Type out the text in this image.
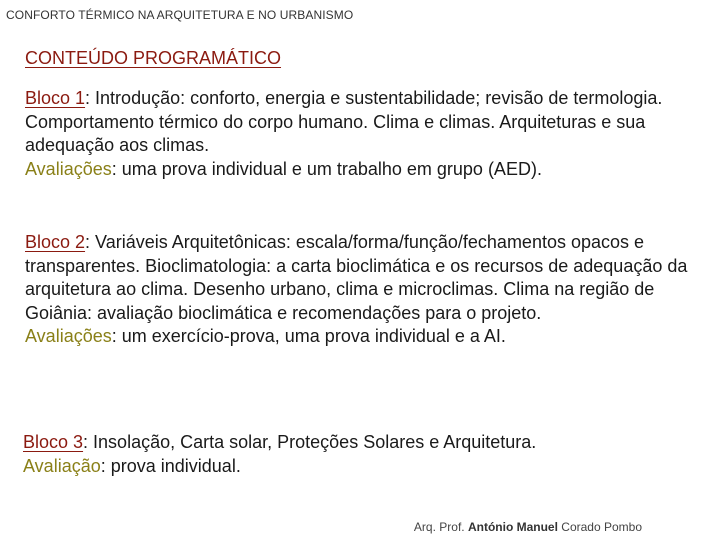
CONFORTO TÉRMICO NA ARQUITETURA E NO URBANISMO
CONTEÚDO PROGRAMÁTICO
Bloco 1: Introdução: conforto, energia e sustentabilidade; revisão de termologia. Comportamento térmico do corpo humano. Clima e climas. Arquiteturas e sua adequação aos climas.
Avaliações: uma prova individual e um trabalho em grupo (AED).
Bloco 2: Variáveis Arquitetônicas: escala/forma/função/fechamentos opacos e transparentes. Bioclimatologia: a carta bioclimática e os recursos de adequação da arquitetura ao clima. Desenho urbano, clima e microclimas. Clima na região de Goiânia: avaliação bioclimática e recomendações para o projeto.
Avaliações: um exercício-prova, uma prova individual e a AI.
Bloco 3: Insolação, Carta solar, Proteções Solares e Arquitetura.
Avaliação: prova individual.
Arq. Prof. António Manuel Corado Pombo
